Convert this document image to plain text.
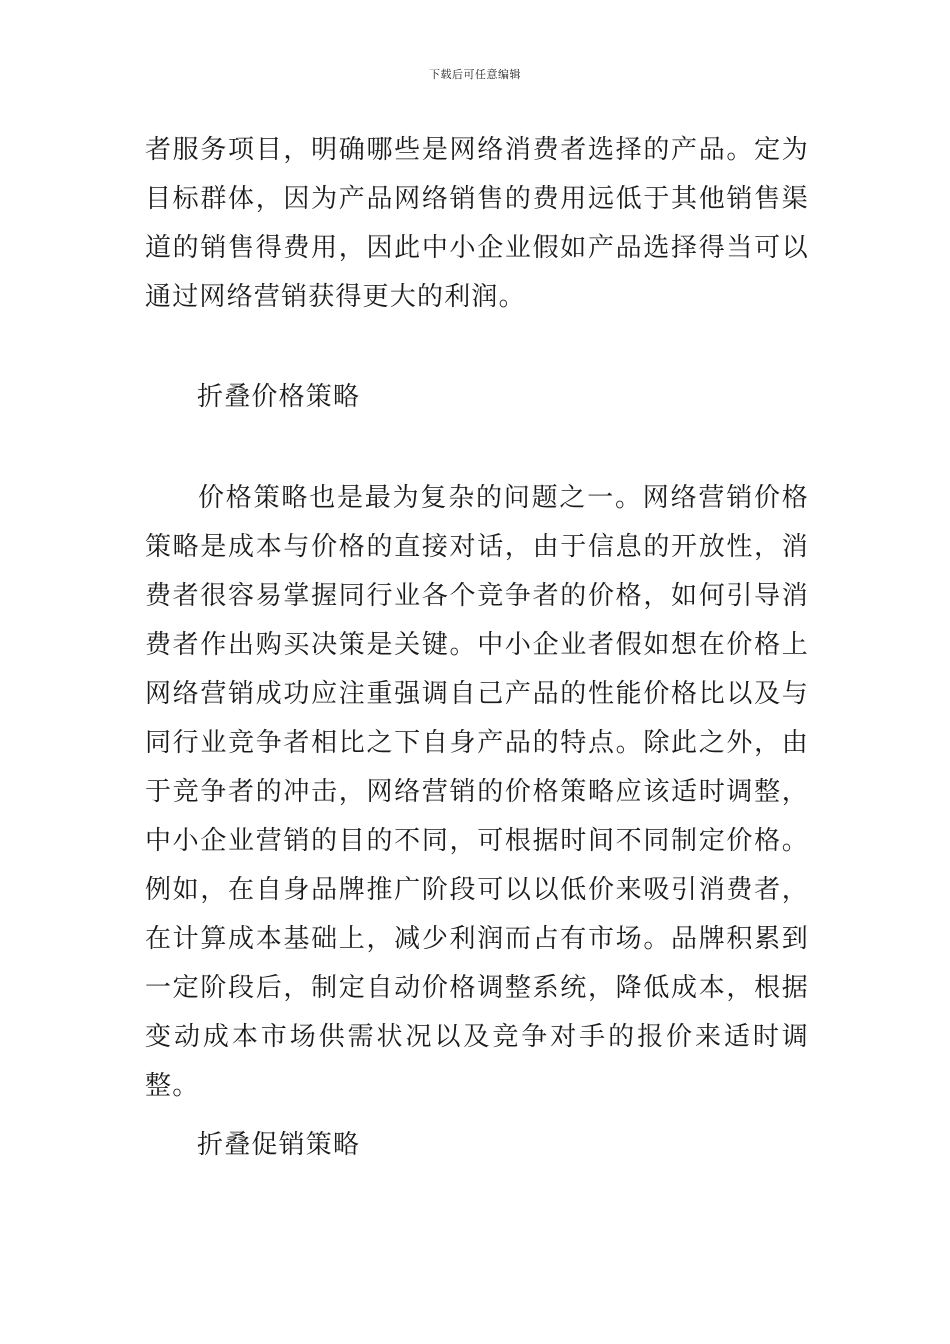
下载后可任意编辑

者服务项目，明确哪些是网络消费者选择的产品。定为目标群体，因为产品网络销售的费用远低于其他销售渠道的销售得费用，因此中小企业假如产品选择得当可以通过网络营销获得更大的利润。

折叠价格策略

价格策略也是最为复杂的问题之一。网络营销价格策略是成本与价格的直接对话，由于信息的开放性，消费者很容易掌握同行业各个竞争者的价格，如何引导消费者作出购买决策是关键。中小企业者假如想在价格上网络营销成功应注重强调自己产品的性能价格比以及与同行业竞争者相比之下自身产品的特点。除此之外，由于竞争者的冲击，网络营销的价格策略应该适时调整，中小企业营销的目的不同，可根据时间不同制定价格。例如，在自身品牌推广阶段可以以低价来吸引消费者，在计算成本基础上，减少利润而占有市场。品牌积累到一定阶段后，制定自动价格调整系统，降低成本，根据变动成本市场供需状况以及竞争对手的报价来适时调整。

折叠促销策略
